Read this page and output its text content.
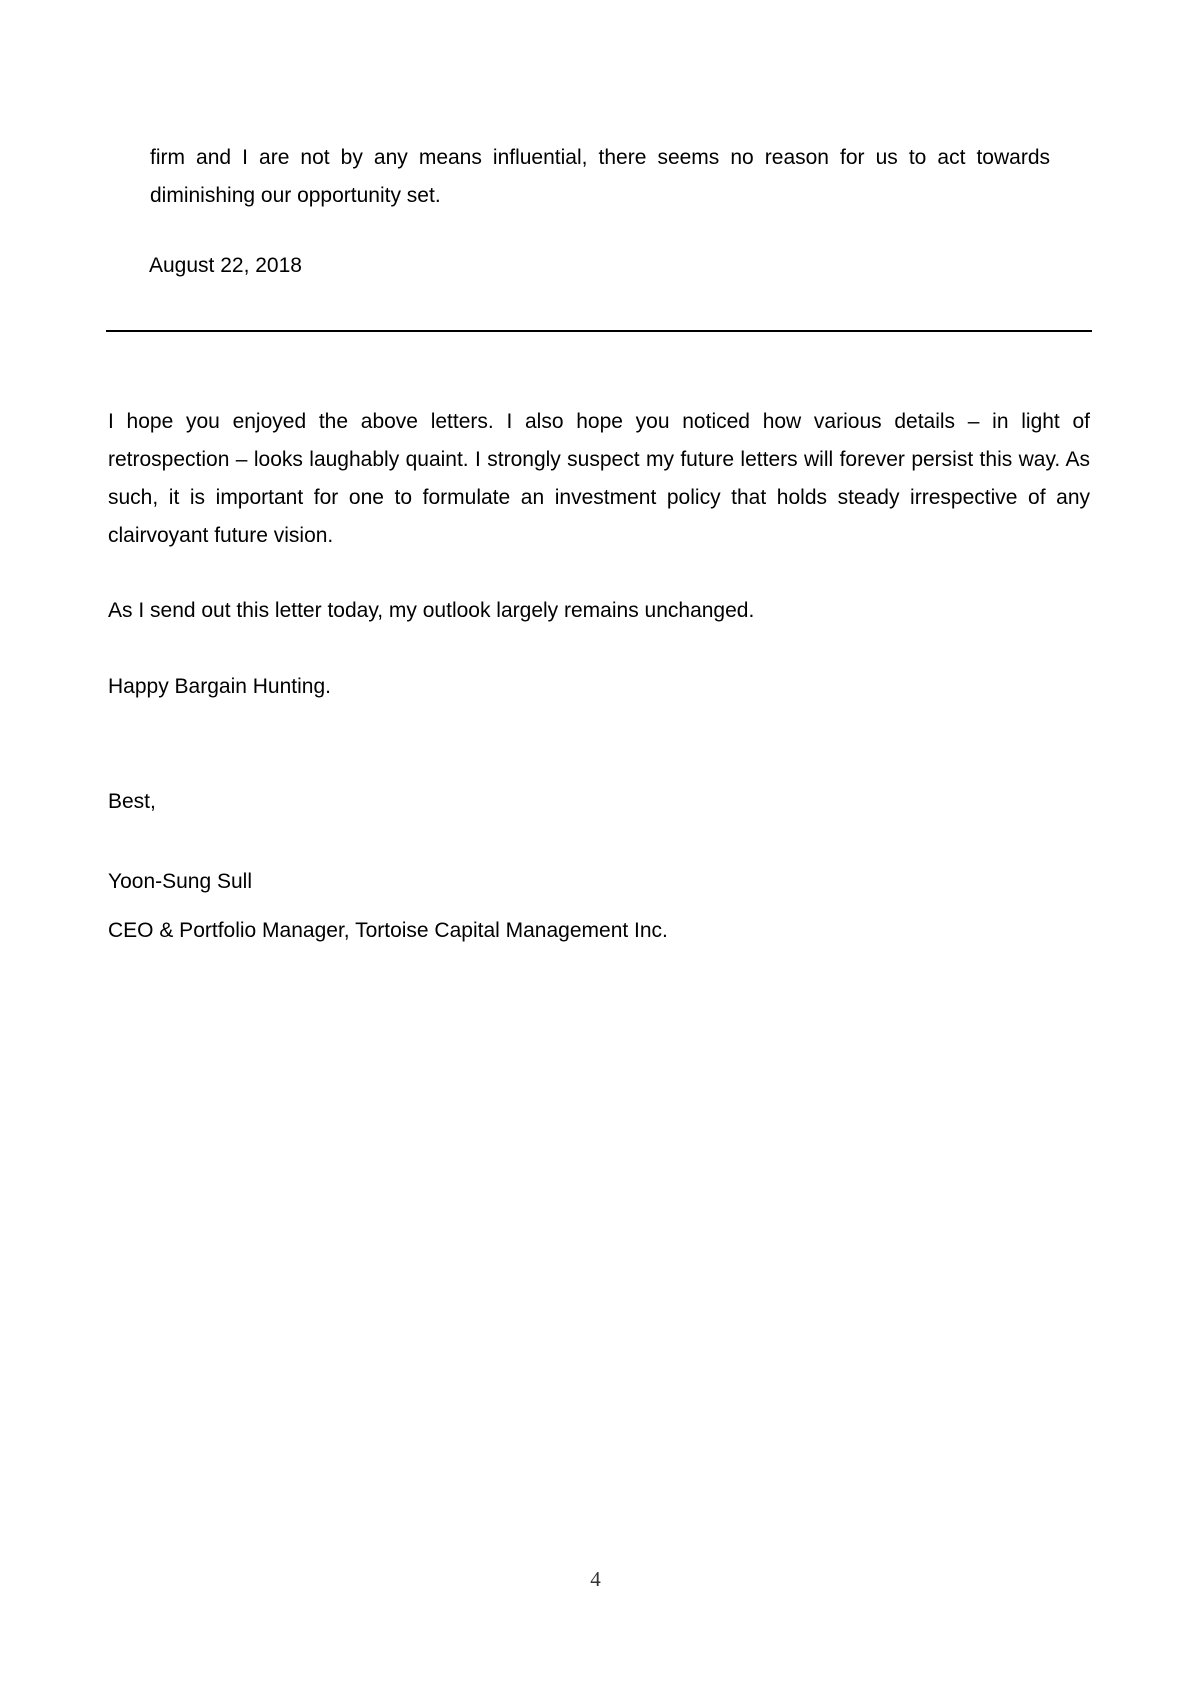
firm and I are not by any means influential, there seems no reason for us to act towards diminishing our opportunity set.

August 22, 2018

I hope you enjoyed the above letters. I also hope you noticed how various details – in light of retrospection – looks laughably quaint. I strongly suspect my future letters will forever persist this way. As such, it is important for one to formulate an investment policy that holds steady irrespective of any clairvoyant future vision.

As I send out this letter today, my outlook largely remains unchanged.

Happy Bargain Hunting.

Best,

Yoon-Sung Sull

CEO & Portfolio Manager, Tortoise Capital Management Inc.

4
